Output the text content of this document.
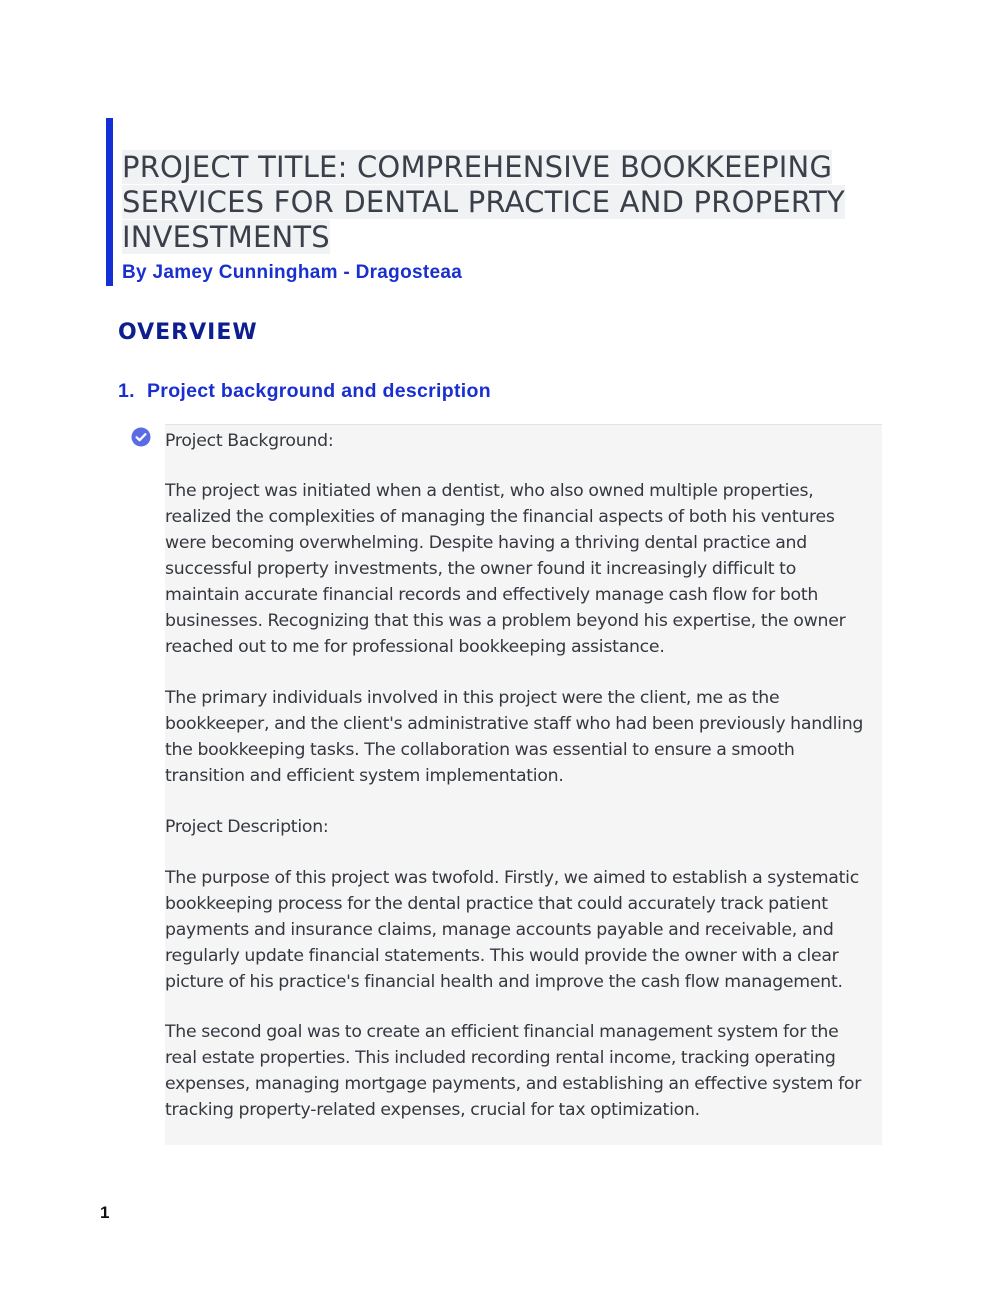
PROJECT TITLE: COMPREHENSIVE BOOKKEEPING
SERVICES FOR DENTAL PRACTICE AND PROPERTY
INVESTMENTS
By Jamey Cunningham - Dragosteaa
OVERVIEW
1. Project background and description

Project Background:

The project was initiated when a dentist, who also owned multiple properties,

realized the complexities of managing the financial aspects of both his ventures

were becoming overwhelming. Despite having a thriving dental practice and

successful property investments, the owner found it increasingly difficult to

maintain accurate financial records and effectively manage cash flow for both

businesses. Recognizing that this was a problem beyond his expertise, the owner

reached out to me for professional bookkeeping assistance.

The primary individuals involved in this project were the client, me as the

bookkeeper, and the client's administrative staff who had been previously handling

the bookkeeping tasks. The collaboration was essential to ensure a smooth

transition and efficient system implementation.

Project Description:

The purpose of this project was twofold. Firstly, we aimed to establish a systematic

bookkeeping process for the dental practice that could accurately track patient

payments and insurance claims, manage accounts payable and receivable, and

regularly update financial statements. This would provide the owner with a clear

picture of his practice's financial health and improve the cash flow management.

The second goal was to create an efficient financial management system for the

real estate properties. This included recording rental income, tracking operating

expenses, managing mortgage payments, and establishing an effective system for

tracking property-related expenses, crucial for tax optimization.

1
